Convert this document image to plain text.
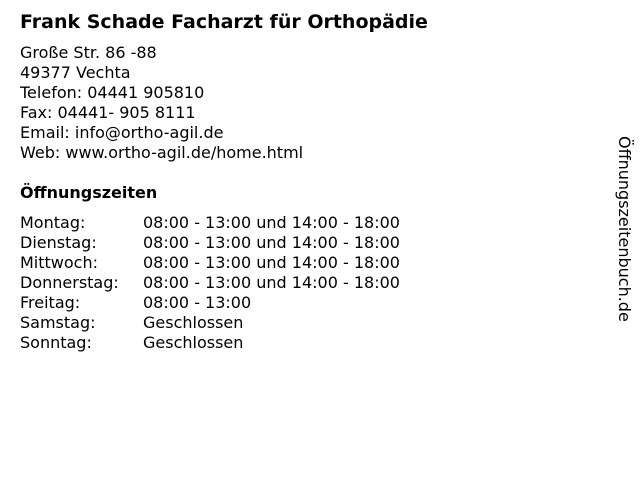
Frank Schade Facharzt für Orthopädie
Große Str. 86 -88
49377 Vechta
Telefon: 04441 905810
Fax: 04441- 905 8111
Email: info@ortho-agil.de
Web: www.ortho-agil.de/home.html
Öffnungszeiten
Montag:	08:00 - 13:00 und 14:00 - 18:00
Dienstag:	08:00 - 13:00 und 14:00 - 18:00
Mittwoch:	08:00 - 13:00 und 14:00 - 18:00
Donnerstag:	08:00 - 13:00 und 14:00 - 18:00
Freitag:	08:00 - 13:00
Samstag:	Geschlossen
Sonntag:	Geschlossen
Öffnungszeitenbuch.de
